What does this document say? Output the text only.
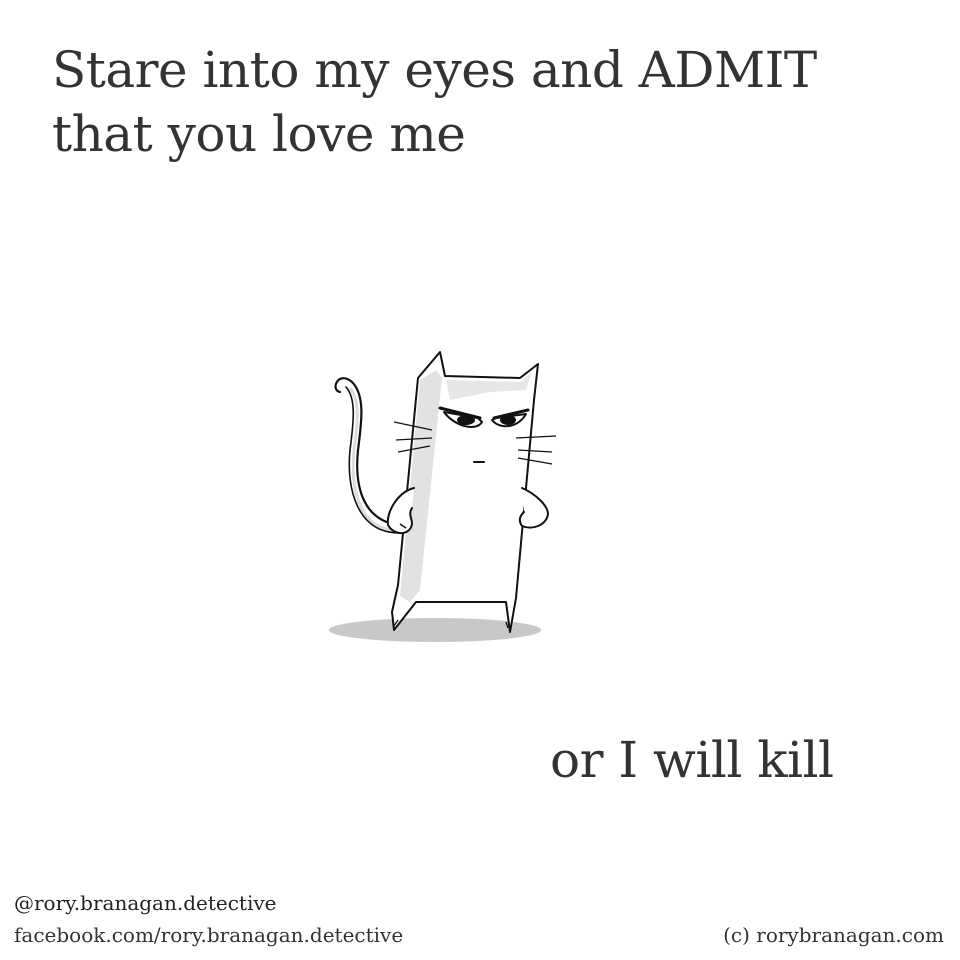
Stare into my eyes and ADMIT
that you love me

or I will kill

@rory.branagan.detective
facebook.com/rory.branagan.detective	(c) rorybranagan.com
